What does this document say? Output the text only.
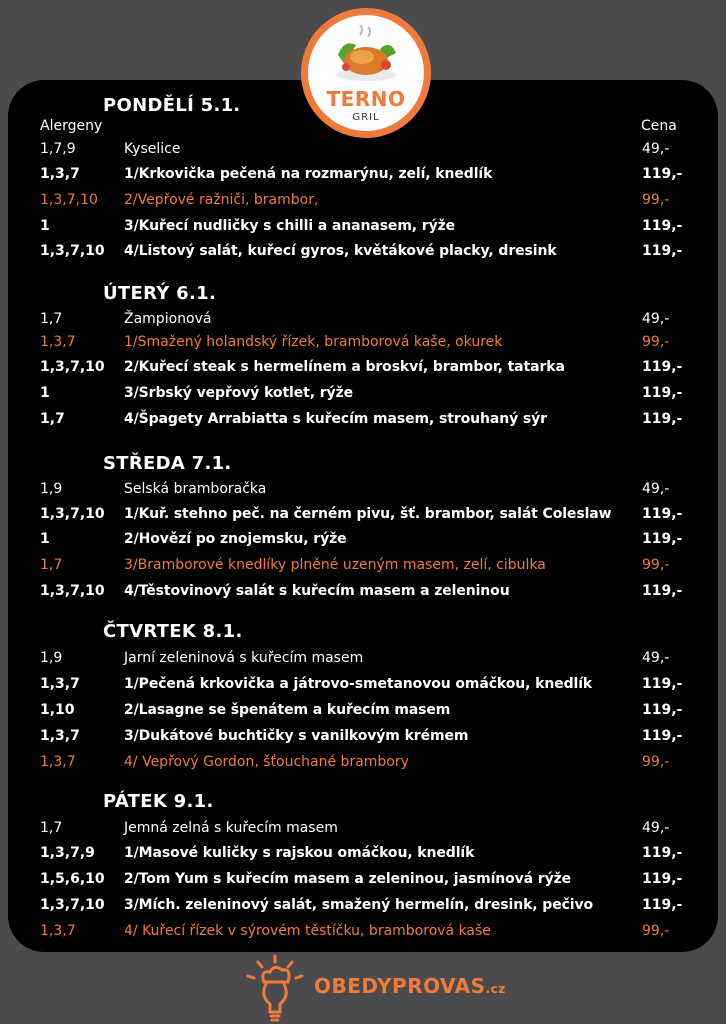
TERNO
GRIL
Alergeny	Cena
PONDĚLÍ 5.1.
1,7,9	Kyselice	49,-
1,3,7	1/Krkovička pečená na rozmarýnu, zelí, knedlík	119,-
1,3,7,10 2/Vepřové ražniči, brambor,	99,-
1	3/Kuřecí nudličky s chilli a ananasem, rýže	119,-
1,3,7,10 4/Listový salát, kuřecí gyros, květákové placky, dresink	119,-
ÚTERÝ 6.1.
1,7	Žampionová	49,-
1,3,7	1/Smažený holandský řízek, bramborová kaše, okurek	99,-
1,3,7,10 2/Kuřecí steak s hermelínem a broskví, brambor, tatarka	119,-
1	3/Srbský vepřový kotlet, rýže	119,-
1,7	4/Špagety Arrabiatta s kuřecím masem, strouhaný sýr	119,-
STŘEDA 7.1.
1,9	Selská bramboračka	49,-
1,3,7,10 1/Kuř. stehno peč. na černém pivu, šť. brambor, salát Coleslaw 119,-
1	2/Hovězí po znojemsku, rýže	119,-
1,7	3/Bramborové knedlíky plněné uzeným masem, zelí, cibulka	99,-
1,3,7,10 4/Těstovinový salát s kuřecím masem a zeleninou	119,-
ČTVRTEK 8.1.
1,9	Jarní zeleninová s kuřecím masem	49,-
1,3,7	1/Pečená krkovička a játrovo-smetanovou omáčkou, knedlík	119,-
1,10	2/Lasagne se špenátem a kuřecím masem	119,-
1,3,7	3/Dukátové buchtičky s vanilkovým krémem	119,-
1,3,7	4/ Vepřový Gordon, šťouchané brambory	99,-
PÁTEK 9.1.
1,7	Jemná zelná s kuřecím masem	49,-
1,3,7,9 1/Masové kuličky s rajskou omáčkou, knedlík	119,-
1,5,6,10 2/Tom Yum s kuřecím masem a zeleninou, jasmínová rýže	119,-
1,3,7,10 3/Mích. zeleninový salát, smažený hermelín, dresink, pečivo	119,-
1,3,7	4/ Kuřecí řízek v sýrovém těstíčku, bramborová kaše	99,-
OBEDYPROVAS.cz
